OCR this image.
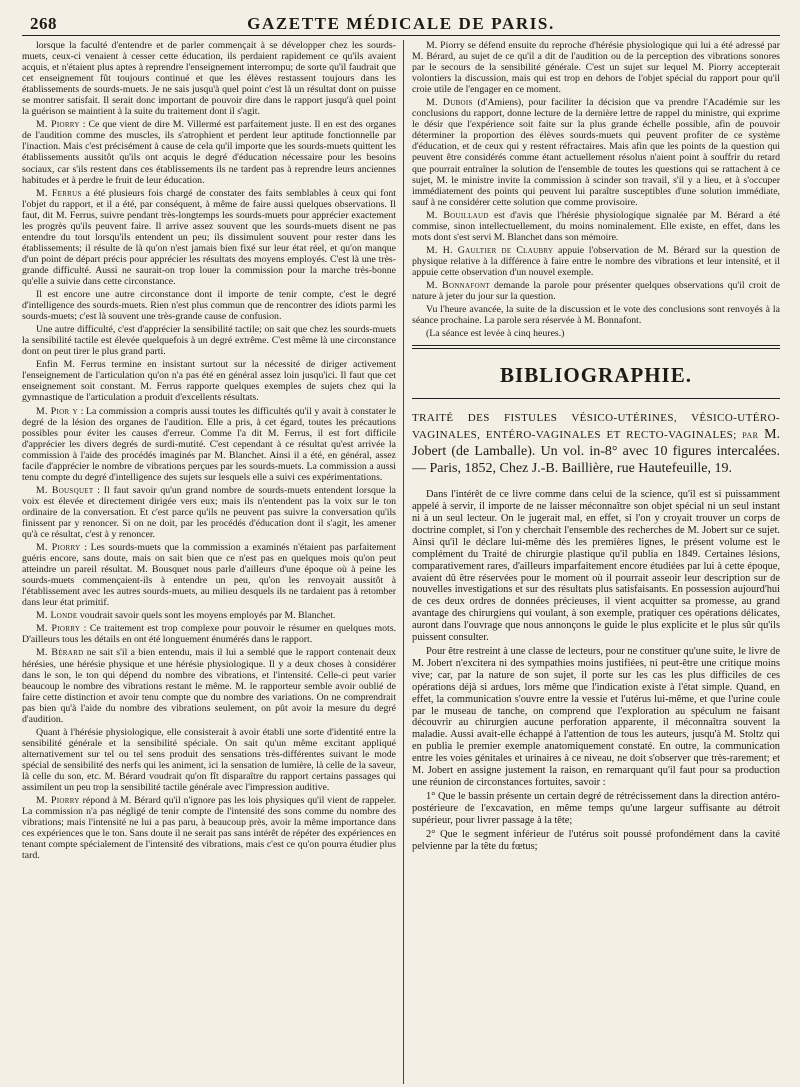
268	GAZETTE MÉDICALE DE PARIS.

lorsque la faculté d'entendre et de parler commençait à se développer chez les sourds-muets, ceux-ci venaient à cesser cette éducation, ils perdaient rapidement ce qu'ils avaient acquis, et n'étaient plus aptes à reprendre l'enseignement interrompu; de sorte qu'il faudrait que cet enseignement fût toujours continué et que les élèves restassent toujours dans les établissements de sourds-muets. Je ne sais jusqu'à quel point c'est là un résultat dont on puisse se montrer satisfait. Il serait donc important de pouvoir dire dans le rapport jusqu'à quel point la guérison se maintient à la suite du traitement dont il s'agit.

M. Piorry : Ce que vient de dire M. Villermé est parfaitement juste. Il en est des organes de l'audition comme des muscles, ils s'atrophient et perdent leur aptitude fonctionnelle par l'inaction. Mais c'est précisément à cause de cela qu'il importe que les sourds-muets quittent les établissements aussitôt qu'ils ont acquis le degré d'éducation nécessaire pour les besoins sociaux, car s'ils restent dans ces établissements ils ne tardent pas à reprendre leurs anciennes habitudes et à perdre le fruit de leur éducation.

M. Ferrus a été plusieurs fois chargé de constater des faits semblables à ceux qui font l'objet du rapport, et il a été, par conséquent, à même de faire aussi quelques observations. Il faut, dit M. Ferrus, suivre pendant très-longtemps les sourds-muets pour apprécier exactement les progrès qu'ils peuvent faire. Il arrive assez souvent que les sourds-muets disent ne pas entendre du tout lorsqu'ils entendent un peu; ils dissimulent souvent pour rester dans les établissements; il résulte de là qu'on n'est jamais bien fixé sur leur état réel, et qu'on manque d'un point de départ précis pour apprécier les résultats des moyens employés. C'est là une très-grande difficulté. Aussi ne saurait-on trop louer la commission pour la marche très-bonne qu'elle a suivie dans cette circonstance.

Il est encore une autre circonstance dont il importe de tenir compte, c'est le degré d'intelligence des sourds-muets. Rien n'est plus commun que de rencontrer des idiots parmi les sourds-muets; c'est là souvent une très-grande cause de confusion.

Une autre difficulté, c'est d'apprécier la sensibilité tactile; on sait que chez les sourds-muets la sensibilité tactile est élevée quelquefois à un degré extrême. C'est même là une circonstance dont on peut tirer le plus grand parti.

Enfin M. Ferrus termine en insistant surtout sur la nécessité de diriger activement l'enseignement de l'articulation qu'on n'a pas été en général assez loin jusqu'ici. Il faut que cet enseignement soit constant. M. Ferrus rapporte quelques exemples de sujets chez qui la gymnastique de l'articulation a produit d'excellents résultats.

M. Pior y : La commission a compris aussi toutes les difficultés qu'il y avait à constater le degré de la lésion des organes de l'audition. Elle a pris, à cet égard, toutes les précautions possibles pour éviter les causes d'erreur. Comme l'a dit M. Ferrus, il est fort difficile d'apprécier les divers degrés de surdi-mutité. C'est cependant à ce résultat qu'est arrivée la commission à l'aide des procédés imaginés par M. Blanchet. Ainsi il a été, en général, assez facile d'apprécier le nombre de vibrations perçues par les sourds-muets. La commission a aussi tenu compte du degré d'intelligence des sujets sur lesquels elle a suivi ces expérimentations.

M. Bousquet : Il faut savoir qu'un grand nombre de sourds-muets entendent lorsque la voix est élevée et directement dirigée vers eux; mais ils n'entendent pas la voix sur le ton ordinaire de la conversation. Et c'est parce qu'ils ne peuvent pas suivre la conversation qu'ils finissent par y renoncer. Si on ne doit, par les procédés d'éducation dont il s'agit, les amener qu'à ce résultat, c'est à y renoncer.

M. Piorry : Les sourds-muets que la commission a examinés n'étaient pas parfaitement guéris encore, sans doute, mais on sait bien que ce n'est pas en quelques mois qu'on peut atteindre un pareil résultat. M. Bousquet nous parle d'ailleurs d'une époque où à peine les sourds-muets commençaient-ils à entendre un peu, qu'on les renvoyait aussitôt à l'établissement avec les autres sourds-muets, au milieu desquels ils ne tardaient pas à retomber dans leur état primitif.

M. Londe voudrait savoir quels sont les moyens employés par M. Blanchet.

M. Piorry : Ce traitement est trop complexe pour pouvoir le résumer en quelques mots. D'ailleurs tous les détails en ont été longuement énumérés dans le rapport.

M. Bérard ne sait s'il a bien entendu, mais il lui a semblé que le rapport contenait deux hérésies, une hérésie physique et une hérésie physiologique. Il y a deux choses à considérer dans le son, le ton qui dépend du nombre des vibrations, et l'intensité. Celle-ci peut varier beaucoup le nombre des vibrations restant le même. M. le rapporteur semble avoir oublié de faire cette distinction et avoir tenu compte que du nombre des variations. On ne comprendrait pas bien qu'à l'aide du nombre des vibrations seulement, on pût avoir la mesure du degré d'audition.

Quant à l'hérésie physiologique, elle consisterait à avoir établi une sorte d'identité entre la sensibilité générale et la sensibilité spéciale. On sait qu'un même excitant appliqué alternativement sur tel ou tel sens produit des sensations très-différentes suivant le mode spécial de sensibilité des nerfs qui les animent, ici la sensation de lumière, là celle de la saveur, là celle du son, etc. M. Bérard voudrait qu'on fît disparaître du rapport certains passages qui assimilent un peu trop la sensibilité tactile générale avec l'impression auditive.

M. Piorry répond à M. Bérard qu'il n'ignore pas les lois physiques qu'il vient de rappeler. La commission n'a pas négligé de tenir compte de l'intensité des sons comme du nombre des vibrations; mais l'intensité ne lui a pas paru, à beaucoup près, avoir la même importance dans ces expériences que le ton. Sans doute il ne serait pas sans intérêt de répéter des expériences en tenant compte spécialement de l'intensité des vibrations, mais c'est ce qu'on pourra étudier plus tard.

M. Piorry se défend ensuite du reproche d'hérésie physiologique qui lui a été adressé par M. Bérard, au sujet de ce qu'il a dit de l'audition ou de la perception des vibrations sonores par le secours de la sensibilité générale. C'est un sujet sur lequel M. Piorry accepterait volontiers la discussion, mais qui est trop en dehors de l'objet spécial du rapport pour qu'il croie utile de l'engager en ce moment.

M. Dubois (d'Amiens), pour faciliter la décision que va prendre l'Académie sur les conclusions du rapport, donne lecture de la dernière lettre de rappel du ministre, qui exprime le désir que l'expérience soit faite sur la plus grande échelle possible, afin de pouvoir déterminer la proportion des élèves sourds-muets qui peuvent profiter de ce système d'éducation, et de ceux qui y restent réfractaires. Mais afin que les points de la question qui peuvent être considérés comme étant actuellement résolus n'aient point à souffrir du retard que pourrait entraîner la solution de l'ensemble de toutes les questions qui se rattachent à ce sujet, M. le ministre invite la commission à scinder son travail, s'il y a lieu, et à s'occuper immédiatement des points qui peuvent lui paraître susceptibles d'une solution immédiate, sauf à ne considérer cette solution que comme provisoire.

M. Bouillaud est d'avis que l'hérésie physiologique signalée par M. Bérard a été commise, sinon intellectuellement, du moins nominalement. Elle existe, en effet, dans les mots dont s'est servi M. Blanchet dans son mémoire.

M. H. Gaultier de Claubry appuie l'observation de M. Bérard sur la question de physique relative à la différence à faire entre le nombre des vibrations et leur intensité, et il appuie cette observation d'un nouvel exemple.

M. Bonnafont demande la parole pour présenter quelques observations qu'il croit de nature à jeter du jour sur la question.

Vu l'heure avancée, la suite de la discussion et le vote des conclusions sont renvoyés à la séance prochaine. La parole sera réservée à M. Bonnafont.

(La séance est levée à cinq heures.)

BIBLIOGRAPHIE.
TRAITÉ DES FISTULES VÉSICO-UTÉRINES, VÉSICO-UTÉRO-VAGINALES, ENTÉRO-VAGINALES ET RECTO-VAGINALES; par M. Jobert (de Lamballe). Un vol. in-8° avec 10 figures intercalées. — Paris, 1852, Chez J.-B. Baillière, rue Hautefeuille, 19.

Dans l'intérêt de ce livre comme dans celui de la science, qu'il est si puissamment appelé à servir, il importe de ne laisser méconnaître son objet spécial ni un seul instant ni à un seul lecteur. On le jugerait mal, en effet, si l'on y croyait trouver un corps de doctrine complet, si l'on y cherchait l'ensemble des recherches de M. Jobert sur ce sujet. Ainsi qu'il le déclare lui-même dès les premières lignes, le présent volume est le complément du Traité de chirurgie plastique qu'il publia en 1849. Certaines lésions, comparativement rares, d'ailleurs imparfaitement encore étudiées par lui à cette époque, avaient dû être réservées pour le moment où il pourrait asseoir leur description sur de nouvelles investigations et sur des résultats plus satisfaisants. En possession aujourd'hui de ces deux ordres de données précieuses, il vient acquitter sa promesse, au grand avantage des chirurgiens qui voulant, à son exemple, pratiquer ces opérations délicates, auront dans l'ouvrage que nous annonçons le guide le plus explicite et le plus sûr qu'ils puissent consulter.

Pour être restreint à une classe de lecteurs, pour ne constituer qu'une suite, le livre de M. Jobert n'excitera ni des sympathies moins justifiées, ni peut-être une critique moins vive; car, par la nature de son sujet, il porte sur les cas les plus difficiles de ces opérations déjà si ardues, lors même que l'indication existe à l'état simple. Quand, en effet, la communication s'ouvre entre la vessie et l'utérus lui-même, et que l'urine coule par le museau de tanche, on comprend que l'exploration au spéculum ne faisant découvrir au chirurgien aucune perforation apparente, il méconnaîtra souvent la maladie. Aussi avait-elle échappé à l'attention de tous les auteurs, jusqu'à M. Stoltz qui en publia le premier exemple anatomiquement constaté. En outre, la communication entre les voies génitales et urinaires à ce niveau, ne doit s'observer que très-rarement; et M. Jobert en assigne justement la raison, en remarquant qu'il faut pour sa production une réunion de circonstances fortuites, savoir :

1° Que le bassin présente un certain degré de rétrécissement dans la direction antéro-postérieure de l'excavation, en même temps qu'une largeur suffisante au détroit supérieur, pour livrer passage à la tête;

2° Que le segment inférieur de l'utérus soit poussé profondément dans la cavité pelvienne par la tête du fœtus;
